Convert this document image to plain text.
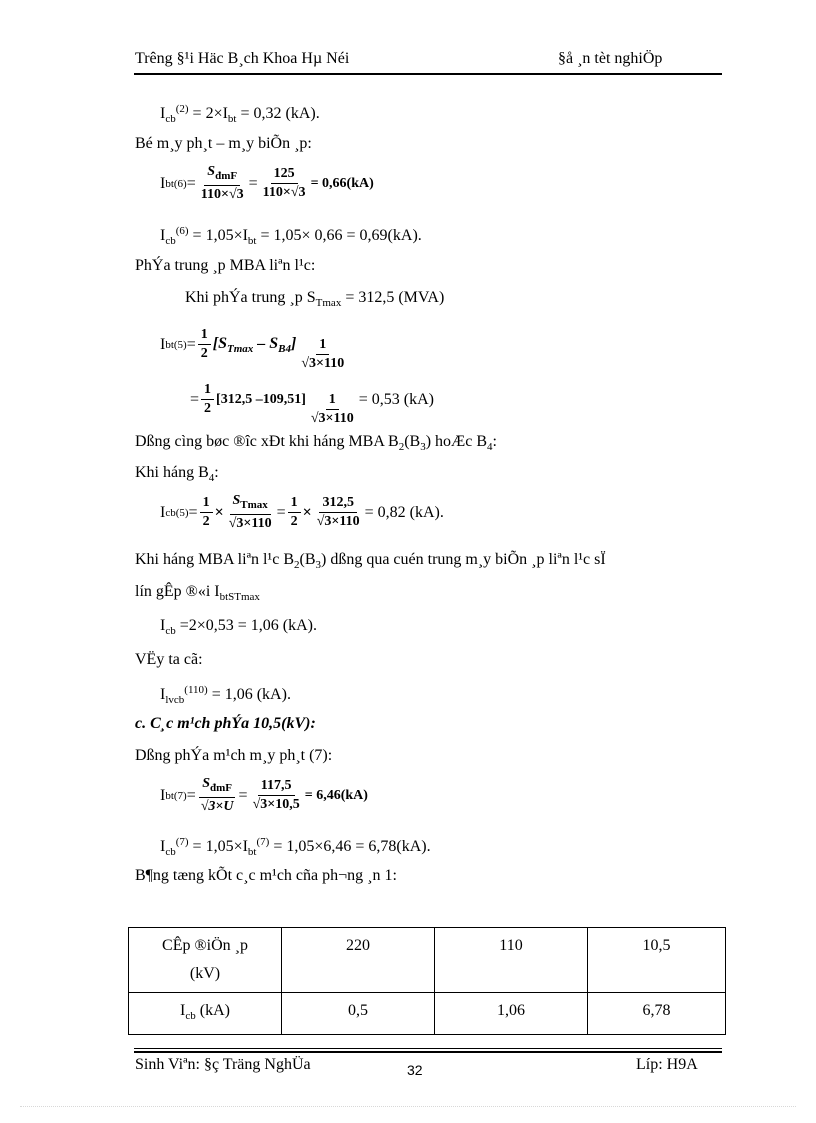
Trêng §¹i Häc B¸ch Khoa Hµ Néi	§å ¸n tèt nghiÖp
$I_{cb}^{(2)} = 2\times I_{bt} = 0,32$ (kA).
Bé m¸y ph¸t – m¸y biÕn ¸p:
I bt $(6) = \frac{S_{đmF}}{110\times√3} = \frac{125}{110\times√3} = 0,66(kA)$
$I_{cb}^{(6)} = 1,05\times I_{bt} = 1,05\times 0,66 = 0,69(kA)$.
PhÝa trung ¸p MBA liªn l¹c:
Khi phÝa trung ¸p $S_{Tmax} = 312,5$ (MVA)
I bt $(5) = \frac{1}{2} [S_{Tmax} - S_{B4}] \frac{1}{√3\times 110}$
= $\frac{1}{2} [312,5$ $-109,51] \frac{1}{√3\times 110} = 0,53$ (kA)
Dßng cìng bøc ®îc xÐt khi háng MBA $B_2(B_3)$ hoÆc $B_4$:
Khi háng $B_4$:
I cb $(5) = \frac{1}{2} \times \frac{S_{Tmax}}{√3\times 110} = \frac{1}{2} \times \frac{312,5}{√3\times 110} = 0,82$ (kA).
Khi háng MBA liªn l¹c $B_2(B_3)$ dßng qua cuén trung m¸y biÕn ¸p liªn l¹c sÏ
lín gÊp ®«i $I_{btSTmax}$
$I_{cb} =2\times 0,53 = 1,06$ (kA).
VËy ta cã:
$I_{lvcb}^{(110)} = 1,06$ (kA).
c. C¸c m¹ch phÝa 10,5(kV):
Dßng phÝa m¹ch m¸y ph¸t (7):
I bt $(7) = \frac{S_{đmF}}{√3\times U} = \frac{117,5}{√3\times 10,5} = 6,46(kA)$
$I_{cb}^{(7)} = 1,05\times I_{bt}^{(7)} = 1,05\times 6,46 = 6,78(kA)$.
B¶ng tæng kÕt c¸c m¹ch cña ph¬ng ¸n 1:
CÊp ®iÖn ¸p
(kV)	220	110	10,5
$I_{cb}$ (kA)	0,5	1,06	6,78
Sinh Viªn: §ç Träng NghÜa	32	Líp: H9A
